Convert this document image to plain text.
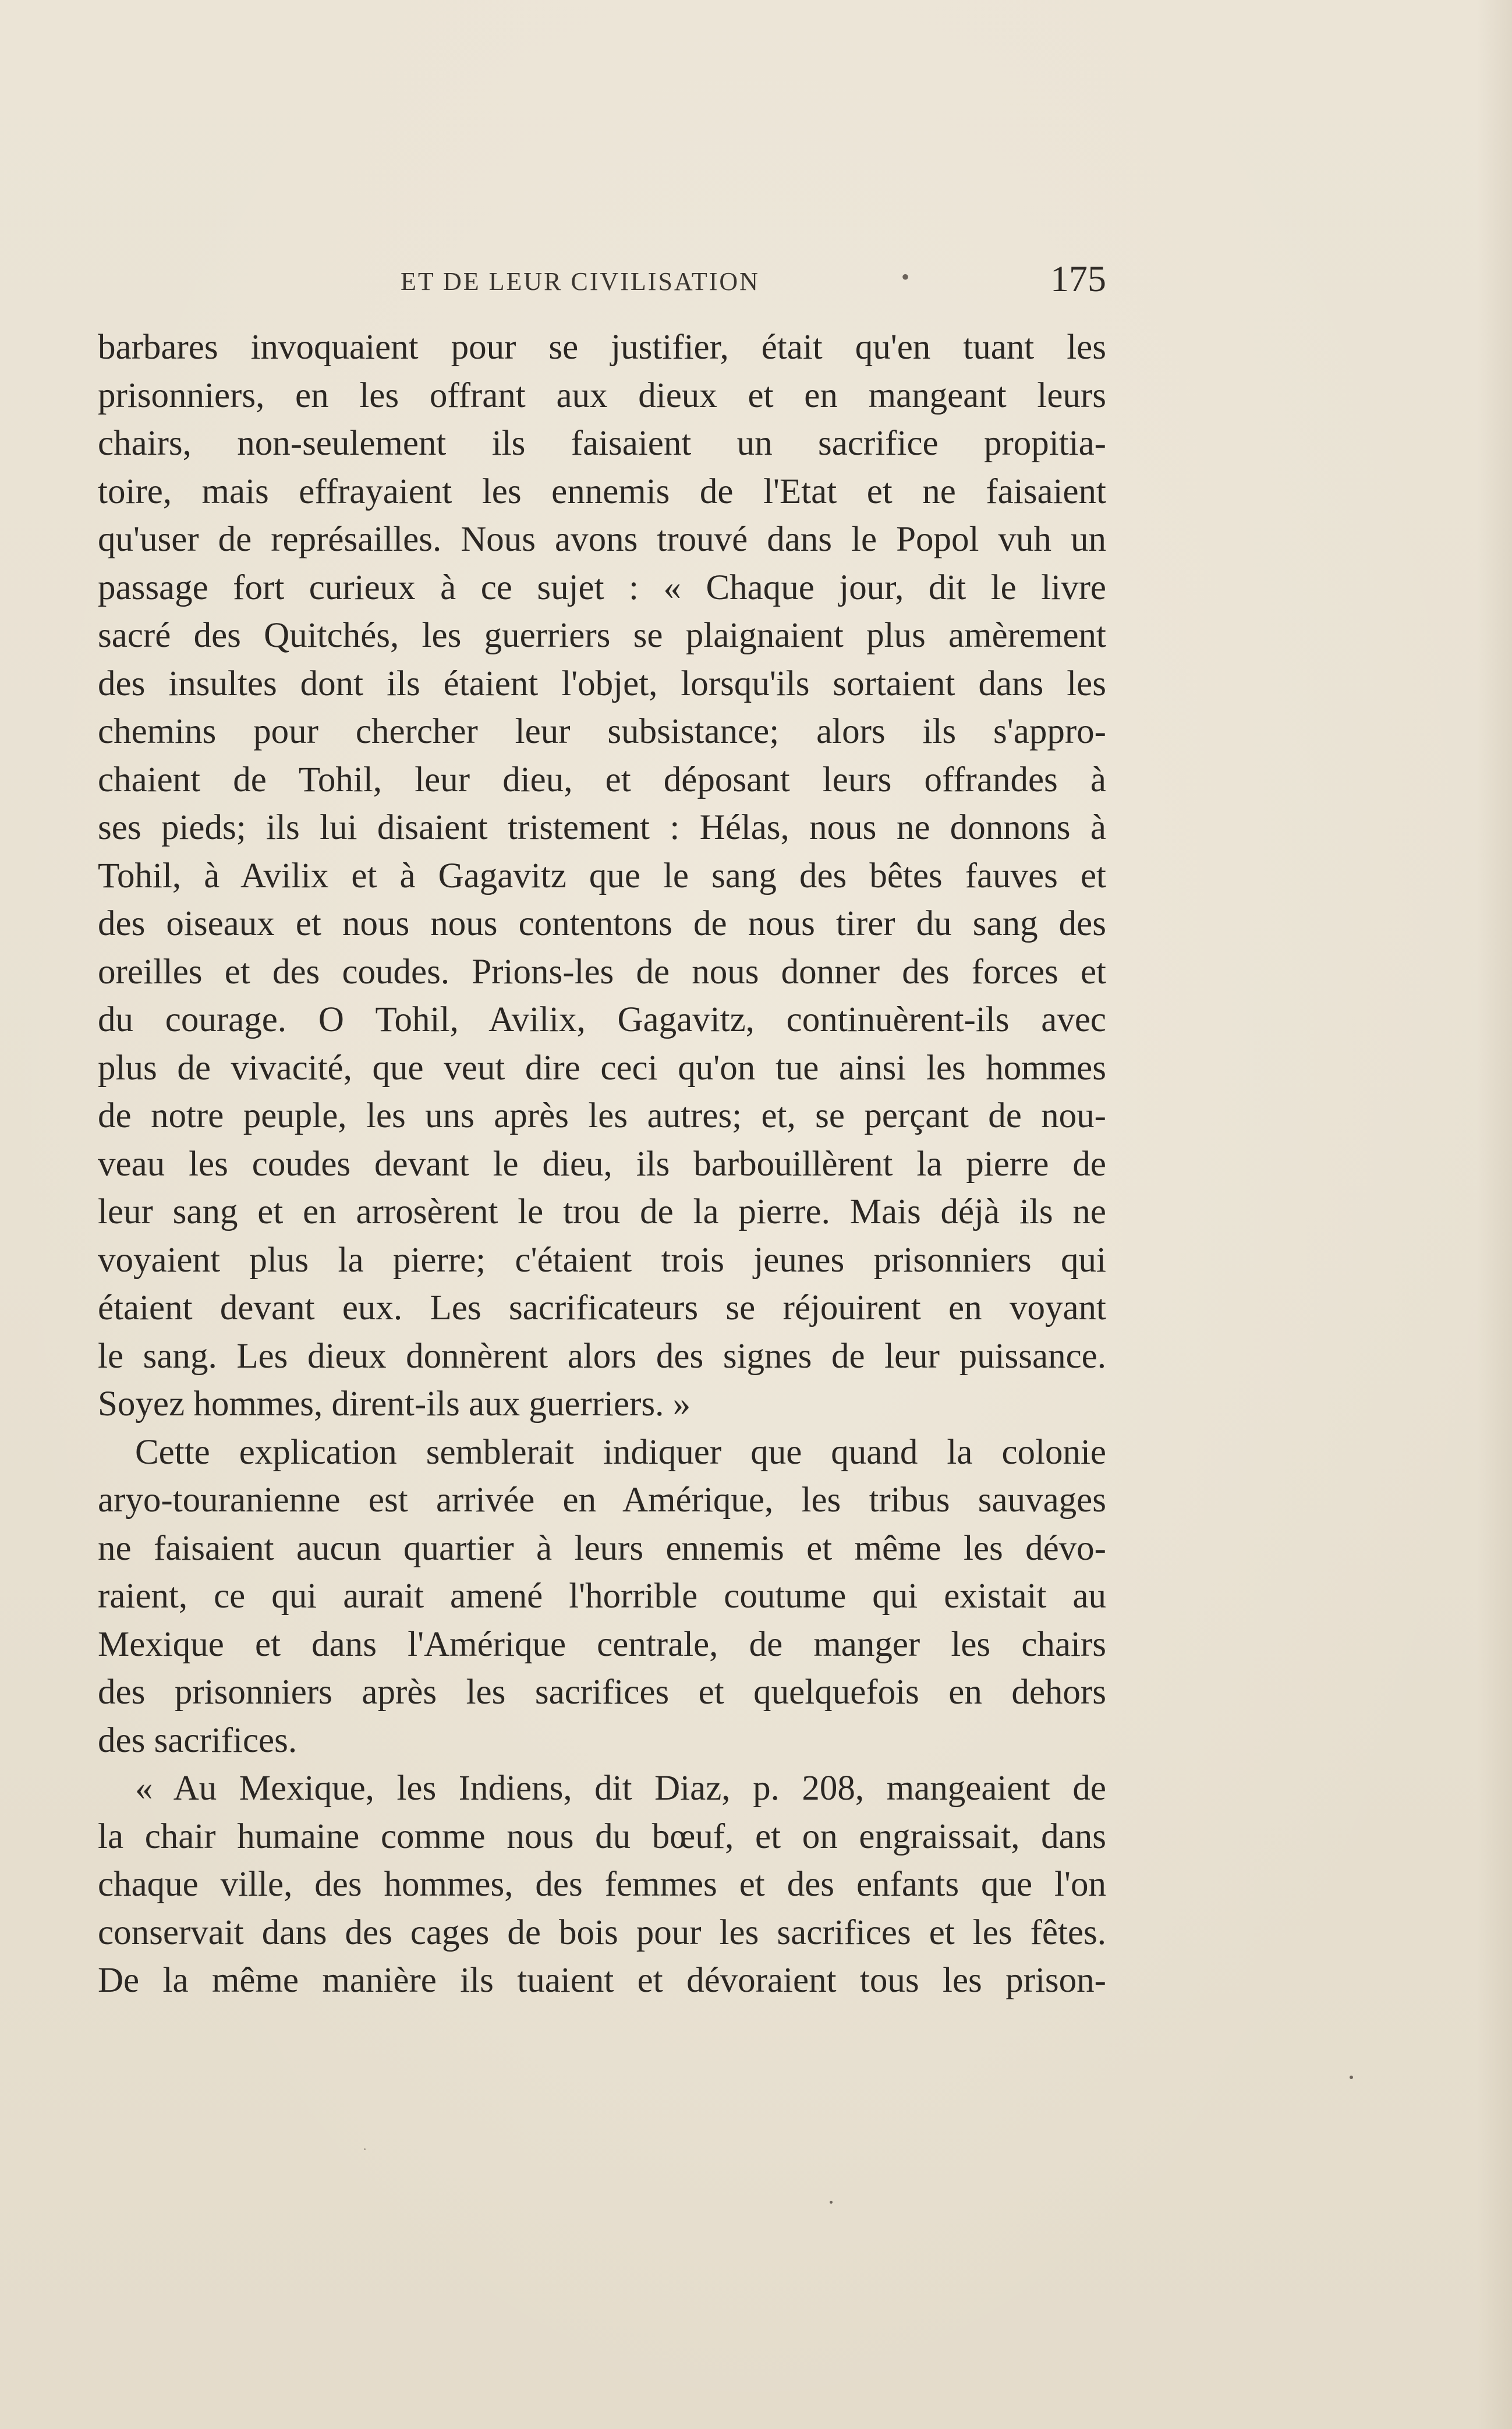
ET DE LEUR CIVILISATION	•	175
barbares invoquaient pour se justifier, était qu'en tuant les
prisonniers, en les offrant aux dieux et en mangeant leurs
chairs, non-seulement ils faisaient un sacrifice propitia-
toire, mais effrayaient les ennemis de l'Etat et ne faisaient
qu'user de représailles. Nous avons trouvé dans le Popol vuh un
passage fort curieux à ce sujet : « Chaque jour, dit le livre
sacré des Quitchés, les guerriers se plaignaient plus amèrement
des insultes dont ils étaient l'objet, lorsqu'ils sortaient dans les
chemins pour chercher leur subsistance; alors ils s'appro-
chaient de Tohil, leur dieu, et déposant leurs offrandes à
ses pieds; ils lui disaient tristement : Hélas, nous ne donnons à
Tohil, à Avilix et à Gagavitz que le sang des bêtes fauves et
des oiseaux et nous nous contentons de nous tirer du sang des
oreilles et des coudes. Prions-les de nous donner des forces et
du courage. O Tohil, Avilix, Gagavitz, continuèrent-ils avec
plus de vivacité, que veut dire ceci qu'on tue ainsi les hommes
de notre peuple, les uns après les autres; et, se perçant de nou-
veau les coudes devant le dieu, ils barbouillèrent la pierre de
leur sang et en arrosèrent le trou de la pierre. Mais déjà ils ne
voyaient plus la pierre; c'étaient trois jeunes prisonniers qui
étaient devant eux. Les sacrificateurs se réjouirent en voyant
le sang. Les dieux donnèrent alors des signes de leur puissance.
Soyez hommes, dirent-ils aux guerriers. »
Cette explication semblerait indiquer que quand la colonie
aryo-touranienne est arrivée en Amérique, les tribus sauvages
ne faisaient aucun quartier à leurs ennemis et même les dévo-
raient, ce qui aurait amené l'horrible coutume qui existait au
Mexique et dans l'Amérique centrale, de manger les chairs
des prisonniers après les sacrifices et quelquefois en dehors
des sacrifices.
« Au Mexique, les Indiens, dit Diaz, p. 208, mangeaient de
la chair humaine comme nous du bœuf, et on engraissait, dans
chaque ville, des hommes, des femmes et des enfants que l'on
conservait dans des cages de bois pour les sacrifices et les fêtes.
De la même manière ils tuaient et dévoraient tous les prison-
